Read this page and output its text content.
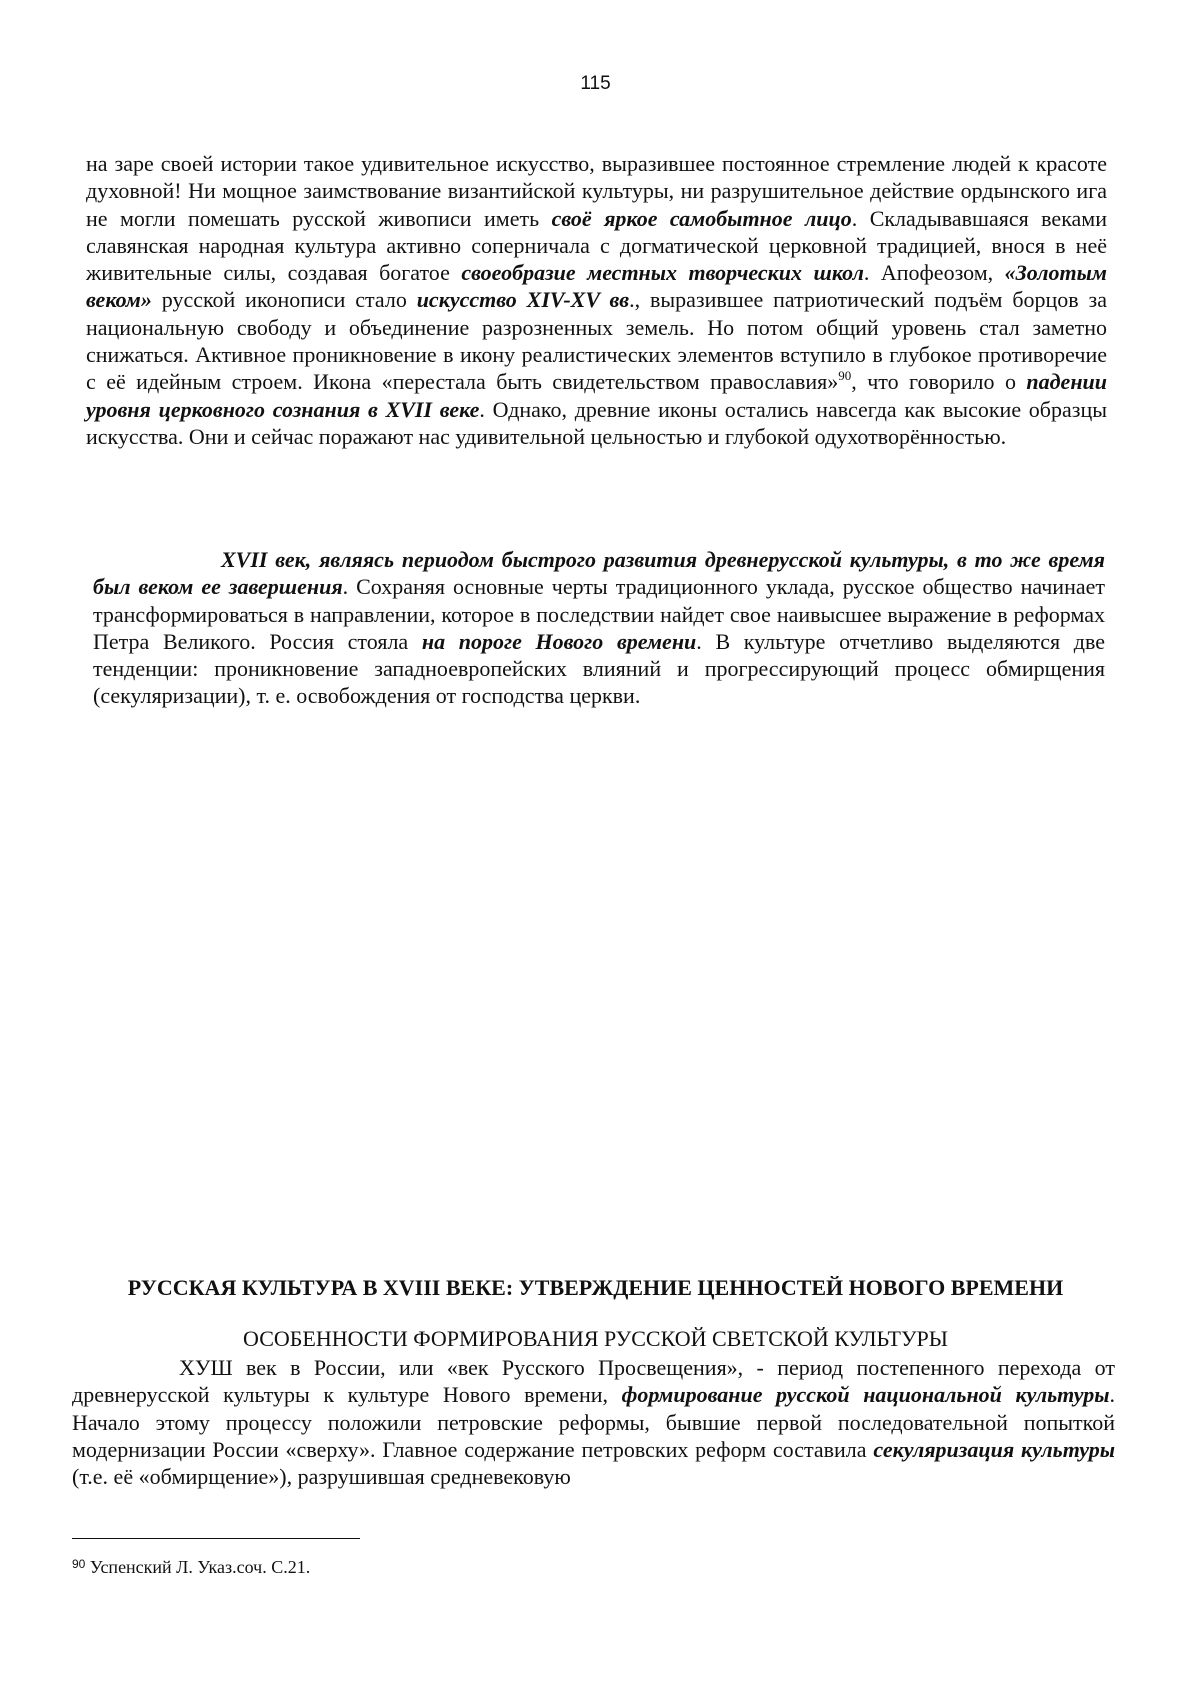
115

на заре своей истории такое удивительное искусство, выразившее постоянное стремление людей к красоте духовной! Ни мощное заимствование византийской культуры, ни разрушительное действие ордынского ига не могли помешать русской живописи иметь своё яркое самобытное лицо. Складывавшаяся веками славянская народная культура активно соперничала с догматической церковной традицией, внося в неё живительные силы, создавая богатое своеобразие местных творческих школ. Апофеозом, «Золотым веком» русской иконописи стало искусство XIV-XV вв., выразившее патриотический подъём борцов за национальную свободу и объединение разрозненных земель. Но потом общий уровень стал заметно снижаться. Активное проникновение в икону реалистических элементов вступило в глубокое противоречие с её идейным строем. Икона «перестала быть свидетельством православия»$^{90}$, что говорило о падении уровня церковного сознания в XVII веке. Однако, древние иконы остались навсегда как высокие образцы искусства. Они и сейчас поражают нас удивительной цельностью и глубокой одухотворённостью.

XVII век, являясь периодом быстрого развития древнерусской культуры, в то же время был веком ее завершения. Сохраняя основные черты традиционного уклада, русское общество начинает трансформироваться в направлении, которое в последствии найдет свое наивысшее выражение в реформах Петра Великого. Россия стояла на пороге Нового времени. В культуре отчетливо выделяются две тенденции: проникновение западноевропейских влияний и прогрессирующий процесс обмирщения (секуляризации), т. е. освобождения от господства церкви.

РУССКАЯ КУЛЬТУРА В XVIII ВЕКЕ: УТВЕРЖДЕНИЕ ЦЕННОСТЕЙ НОВОГО ВРЕМЕНИ
ОСОБЕННОСТИ ФОРМИРОВАНИЯ РУССКОЙ СВЕТСКОЙ КУЛЬТУРЫ

ХУШ век в России, или «век Русского Просвещения», - период постепенного перехода от древнерусской культуры к культуре Нового времени, формирование русской национальной культуры. Начало этому процессу положили петровские реформы, бывшие первой последовательной попыткой модернизации России «сверху». Главное содержание петровских реформ составила секуляризация культуры (т.е. её «обмирщение»), разрушившая средневековую

$^{90}$ Успенский Л. Указ.соч. С.21.
